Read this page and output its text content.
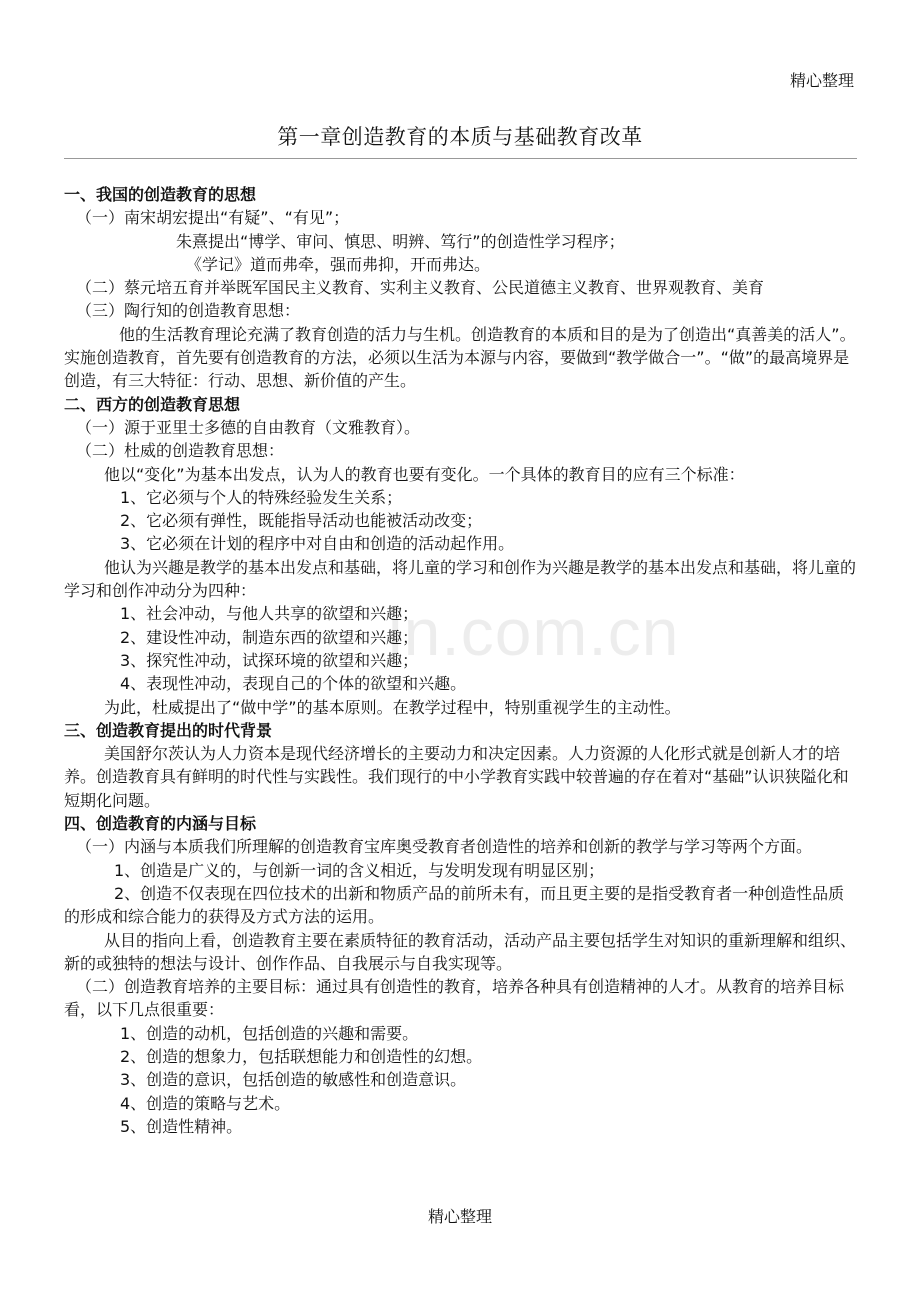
精心整理
第一章创造教育的本质与基础教育改革
in.com.cn

一、我国的创造教育的思想

（一）南宋胡宏提出“有疑”、“有见”；

朱熹提出“博学、审问、慎思、明辨、笃行”的创造性学习程序；

《学记》道而弗牵，强而弗抑，开而弗达。

（二）蔡元培五育并举既军国民主义教育、实利主义教育、公民道德主义教育、世界观教育、美育

（三）陶行知的创造教育思想：

他的生活教育理论充满了教育创造的活力与生机。创造教育的本质和目的是为了创造出“真善美的活人”。实施创造教育，首先要有创造教育的方法，必须以生活为本源与内容，要做到“教学做合一”。“做”的最高境界是创造，有三大特征：行动、思想、新价值的产生。

二、西方的创造教育思想

（一）源于亚里士多德的自由教育（文雅教育）。

（二）杜威的创造教育思想：

他以“变化”为基本出发点，认为人的教育也要有变化。一个具体的教育目的应有三个标准：

1、它必须与个人的特殊经验发生关系；

2、它必须有弹性，既能指导活动也能被活动改变；

3、它必须在计划的程序中对自由和创造的活动起作用。

他认为兴趣是教学的基本出发点和基础，将儿童的学习和创作为兴趣是教学的基本出发点和基础，将儿童的学习和创作冲动分为四种：

1、社会冲动，与他人共享的欲望和兴趣；

2、建设性冲动，制造东西的欲望和兴趣；

3、探究性冲动，试探环境的欲望和兴趣；

4、表现性冲动，表现自己的个体的欲望和兴趣。

为此，杜威提出了“做中学”的基本原则。在教学过程中，特别重视学生的主动性。

三、创造教育提出的时代背景

美国舒尔茨认为人力资本是现代经济增长的主要动力和决定因素。人力资源的人化形式就是创新人才的培养。创造教育具有鲜明的时代性与实践性。我们现行的中小学教育实践中较普遍的存在着对“基础”认识狭隘化和短期化问题。

四、创造教育的内涵与目标

（一）内涵与本质我们所理解的创造教育宝库奥受教育者创造性的培养和创新的教学与学习等两个方面。

1、创造是广义的，与创新一词的含义相近，与发明发现有明显区别；

2、创造不仅表现在四位技术的出新和物质产品的前所未有，而且更主要的是指受教育者一种创造性品质的形成和综合能力的获得及方式方法的运用。

从目的指向上看，创造教育主要在素质特征的教育活动，活动产品主要包括学生对知识的重新理解和组织、新的或独特的想法与设计、创作作品、自我展示与自我实现等。

（二）创造教育培养的主要目标：通过具有创造性的教育，培养各种具有创造精神的人才。从教育的培养目标看，以下几点很重要：

1、创造的动机，包括创造的兴趣和需要。

2、创造的想象力，包括联想能力和创造性的幻想。

3、创造的意识，包括创造的敏感性和创造意识。

4、创造的策略与艺术。

5、创造性精神。

精心整理
